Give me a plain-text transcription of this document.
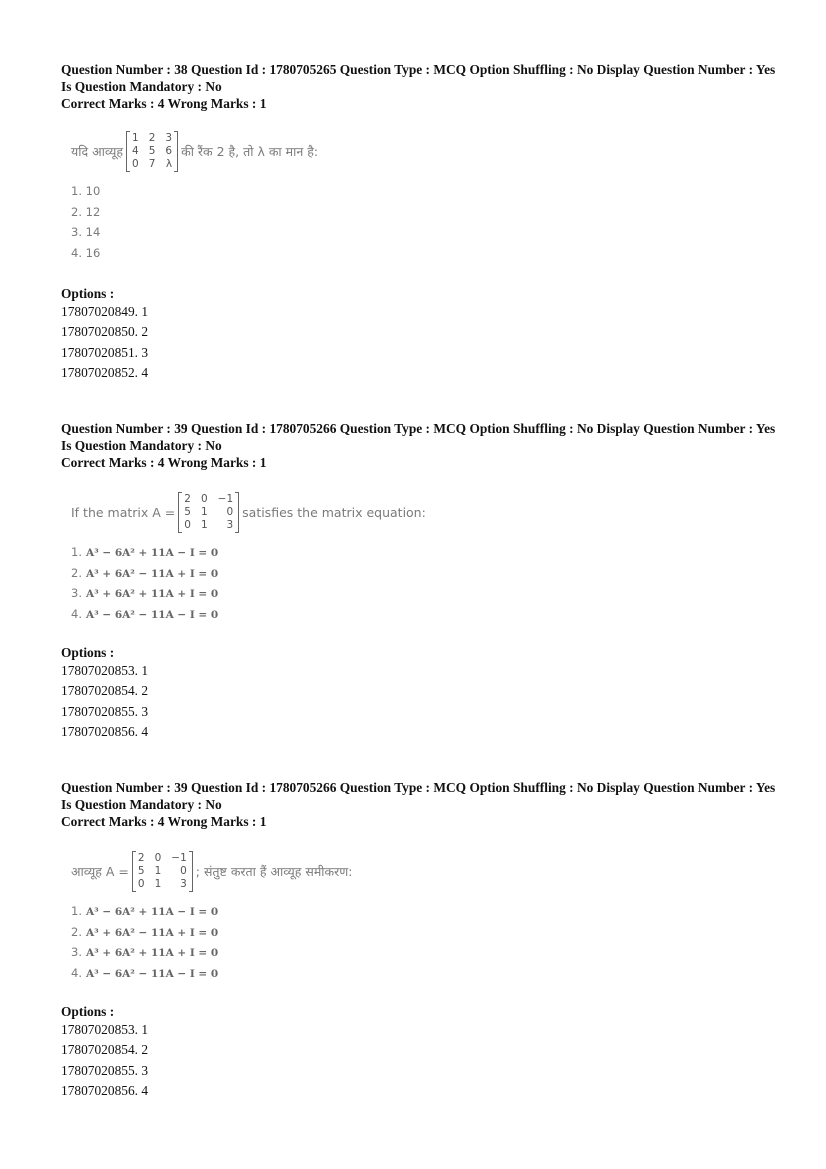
Question Number : 38 Question Id : 1780705265 Question Type : MCQ Option Shuffling : No Display Question Number : Yes
Is Question Mandatory : No
Correct Marks : 4 Wrong Marks : 1
यदि आव्यूह
1 2 3
4 5 6
0 7 λ
की रैंक 2 है, तो λ का मान है:
1. 10
2. 12
3. 14
4. 16
Options :
17807020849. 1
17807020850. 2
17807020851. 3
17807020852. 4
Question Number : 39 Question Id : 1780705266 Question Type : MCQ Option Shuffling : No Display Question Number : Yes
Is Question Mandatory : No
Correct Marks : 4 Wrong Marks : 1
If the matrix A =
2 0 −1
5 1	0
0 1	3
satisfies the matrix equation:
1. A³ − 6A² + 11A − I = 0
2. A³ + 6A² − 11A + I = 0
3. A³ + 6A² + 11A + I = 0
4. A³ − 6A² − 11A − I = 0
Options :
17807020853. 1
17807020854. 2
17807020855. 3
17807020856. 4
Question Number : 39 Question Id : 1780705266 Question Type : MCQ Option Shuffling : No Display Question Number : Yes
Is Question Mandatory : No
Correct Marks : 4 Wrong Marks : 1
आव्यूह A =
2 0 −1
5 1	0
0 1	3
; संतुष्ट करता हैं आव्यूह समीकरण:
1. A³ − 6A² + 11A − I = 0
2. A³ + 6A² − 11A + I = 0
3. A³ + 6A² + 11A + I = 0
4. A³ − 6A² − 11A − I = 0
Options :
17807020853. 1
17807020854. 2
17807020855. 3
17807020856. 4
